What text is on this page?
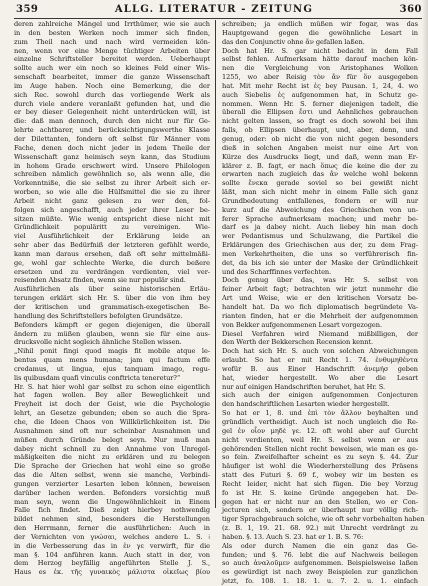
359	ALLG. LITERATUR - ZEITUNG	360
deren zahlreiche Mängel und Irrthümer, wie sie auch
in den besten Werken noch immer sich finden,
zum Theil nach und nach wird vermeiden kön-
nen, wenn vor eine Menge tüchtiger Arbeiten über
einzelne Schriftsteller bereitet werden. Ueberhaupt
sollte auch wer ein noch so kleines Feld einer Wis-
senschaft bearbeitet, immer die ganze Wissenschaft
im Auge haben. Noch eine Bemerkung, die der
sich Rec. sowohl durch das vorliegende Werk als
durch viele andere veranlaßt gefunden hat, und die
er bey dieser Gelegenheit nicht unterdrücken will, ist
die: daß man dennoch, durch den nicht nur für Ge-
lehrte achtbarer, und berücksichtigungswerthe Klasse
der Dilettanten, fondern oft selbst für Männer vom
Fache, denen doch nicht jeder in jedem Theile der
Wissenschaft ganz heimisch seyn kann, das Studium
in hohem Grade erschwert wird. Unsere Philologen
schreiben nämlich gewöhnlich so, als wenn alle, die
Vorkenntniße, die sie selbst zu ihrer Arbeit sich er-
worben, so wie alle die Hülfsmittel die sie zu ihrer
Arbeit nicht ganz gelesen zu wer den, fol-
folgen sich angeschafft, auch jeder ihrer Leser be-
sitzen müßte. Wie wenig entspricht diese nicht mit
Gründlichkeit populäritt zu vereinigen. Wie-
viel Ausführlichkeit der Erklärung leide an
sehr aber das Bedürfniß der letzteren gefühlt werde,
kann man daraus ersehen, daß oft sehr mittelmäßi-
ge, wohl gar schlechte Werke, die durch beßere
ersetzen und zu verdrängen verdienten, viel ver-
reisenden Absatz finden, wenn sie nur populär sind.
Ausführlichen als über seine historischen Erläu-
terungen erklärt sich Hr. S. über die von ihm bey
der kritischen und grammatisch-exegetischen Be-
handlung des Schriftstellers befolgten Grundsätze.
Befonders kämpft er gegen diejenigen, die überall
ändern zu müßen glauben, wenn sie für eine aus-
drucksvolle nicht sogleich ähnliche Stellen wissen.
„Nihil ponit fingi quod magis fit mobile atque le-
bentus quam mens humana; jam qui factum effe
credamus, ut lingua, ejus tanquam imago, regu-
lis quibusdam quafi vinculis conftricta teneretur?“
Hr. S. hat hier wohl gar selbst zu schon eine eigentlich
hat fagen wollen. Bey aller Beweglichkeit und
Freyheit ist doch der Geist, wie die Psychologie
lehrt, an Gesetze gebunden; eben so auch die Spra-
che, die Ideen Chaos von Willkürlichkeiten ist. Die
Ausnahmen sind oft nur scheinbar Ausnahmen und
müßen durch Gründe belegt seyn. Nur muß man
dabey nicht schnell zu den Annahme von Unregel-
mäßigkeiten die nicht zu erklären und zu belegen
Die Sprache der Griechen hat wohl eine so große
das die Alten selbst, wenn sie manche, Verbindi-
gungen verzierter Lesarten leben können, beweisen
darüber lachen werden. Befonders vorsichtig muß
man seyn, wenn die Ungewöhnlichkeit in Einem
Falle fich findet. Dieß zeigt hierbey nothwendig
bildet nehmen sind, besonders die Herstellungen
den Herrmann, ferner die ausführlichen: Auch in
der Vernichten von γνώσαι, welches andere L. S. ⁞
in die Verbesserung das in ἐν γε verwirft, für die
man §. 104 anführen kann. Auch statt in der, von
dem Herzog beyfällig angeführten Stelle J. S.,
Haus es ἐκ. τῆς γυναικὸς μάλιστα οἰκεῖως βίου
schreiben; ja endlich müßen wir fogar, was das
Hauptgewand gegen die gewöhnliche Lesart in
das den Conjunctiv ohne ἄν gefallen laßen.
Doch hat Hr. S. gar nicht bedacht in dem Fall
selbst fehlen. Aufmerksam hätte darauf machen kön-
nen die Vergleichung von Aristophanes Wolken
1255, wo aber Reisig τὸν ἄν für ὅν ausgegeben
hat. Mit mehr Recht ist ἐς bey Pausan. 1, 24, 4. wo
auch Siebelis ἐς aufgenommen hat, in Schutz ge-
nommen. Wenn Hr. S. ferner diejenigen tadelt, die
überall die Ellipsen ἔστι und Aehnliches gebrauchen
nicht gelten lassen, so fragt es doch sowohl bei ihm
falls, ob Ellipsen überhaupt, und, aber, denn, und
genug, oder: ob nicht die von nicht gegen besonders
dieß in solchen Angaben meist nur eine Art von
Kürze des Ausdrucks liegt, und daß, wenn man Er-
klärer z. B. fagt, er nach ὅπως die keine die der zu
erwarten nach zugleich das ἄν welche wohl bekenn
sollte ἕνεκα gerade soviel so bei gewißt nicht
läßt, man sich nicht mehr in einem Falle sich ganz
Grundbedeutung entfallenes, fondern er will nur
kurz auf die Abweichung des Griechischen von un-
ferer Sprache aufmerksam machen; und mehr be-
darf es ja dabey nicht. Auch liebey hin man doch
wer Pedantismus und Schulzwang, die Partikel die
Erklärungen des Griechischen aus der, zu dem Frag-
men Verkehrtheiten, die uns so verführerisch fin-
det, da bis ich sie unter der Maske der Gründlichkeit
und des Scharffinnes verfechten.
Doch genug über das, was Hr. S. selbst von
feiner Arbeit fagt; betrachten wir jetzt nunmehr die
Art und Weise, wie er den kritischen Vorsatz be-
handelt hat. Da wo fich diplomatisch begründete Va-
rianten finden, hat er die Mehrheit der aufgenommen
von Bekker aufgenommenen Lesart vorgezogen.
Diesel Verfahren wird Niemand mißbilligen, der
den Werth der Bekkerschen Recension kennt.
Doch hat sich Hr. S. auch von solchen Abweichungen
erlaubt. So hat er mit Recht 1. 74. ἐνθυμηθέντα
wofür B. aus Einer Handschrift ἀνεμήσ geben
hat, wieder hergestellt. Wo aber die Lesart
nur auf einigen Handschriften beruhet, hat Hr. S.
sich auch der einigen aufgenommen Conjecturen
den handschriftlichen Lesarten wieder hergestellt.
So hat er 1, 8. und ἐπὶ τὸν ἄλλον beyhalten und
gründlich vertheidigt. Auch ist noch ungleich die Re-
gel ἐν οἷον μηδὲ γε. 12. oft wohl aber auf Gurcht
nicht verdienten, weil Hr. S. selbst wenn er aus
gehörenden Stellen nicht recht beweisen, wie man es ge-
so fein. Zweifelhafter scheint es zu seyn §. 44. Zur
häufiger ist wohl die Wiederherstellung des Präsens
statt des Futuri §. 69 f., wobey wir im besten es
Recht leider, nicht hat sich fügen. Die bey Vorzug
fo ist Hr. S. keine Gründe angegeben hat. De-
gegen hat er nicht nur an den Stellen, wo er Con-
jecturen sich, sondern er überhaupt nur völlig rich-
tiger Sprachgebrauch solche, wie oft sehr vorbehalten haben
(z. B. 1, 19. 21. 68. 92.) mit Unrecht verdrängt zu
haben. §. 13. Auch S. 23. hat er 1. B. S. 76:
Als oder durch Namen die ein ganz das Ge-
funden; und §. 76. lebt die auf Nachweis beilegen
so auch ἀναλοῦμεν aufgenommen. Beispielsweise laßen
es gewürdigt ist nach zwey Beispielen zur ganzlichen
jetzt, fo. 108. 1. 18. 1. u. 7. 2. u. 1. einfach
